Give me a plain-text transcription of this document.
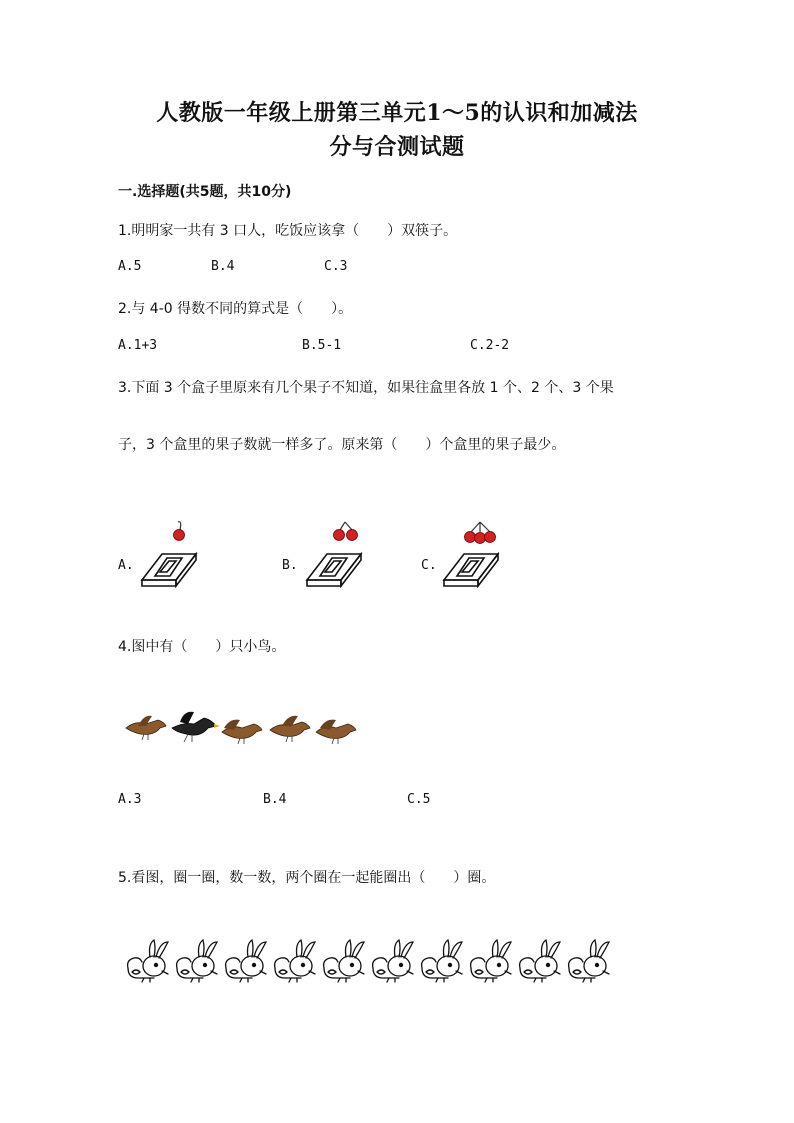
人教版一年级上册第三单元1～5的认识和加减法
分与合测试题
一.选择题(共5题，共10分)
1.明明家一共有 3 口人，吃饭应该拿（　　）双筷子。
A.5	B.4	C.3
2.与 4-0 得数不同的算式是（　　）。
A.1+3	B.5-1	C.2-2
3.下面 3 个盒子里原来有几个果子不知道，如果往盒里各放 1 个、2 个、3 个果
子，3 个盒里的果子数就一样多了。原来第（　　）个盒里的果子最少。
A.	B.	C.
4.图中有（　　）只小鸟。
A.3	B.4	C.5
5.看图，圈一圈，数一数，两个圈在一起能圈出（　　）圈。
